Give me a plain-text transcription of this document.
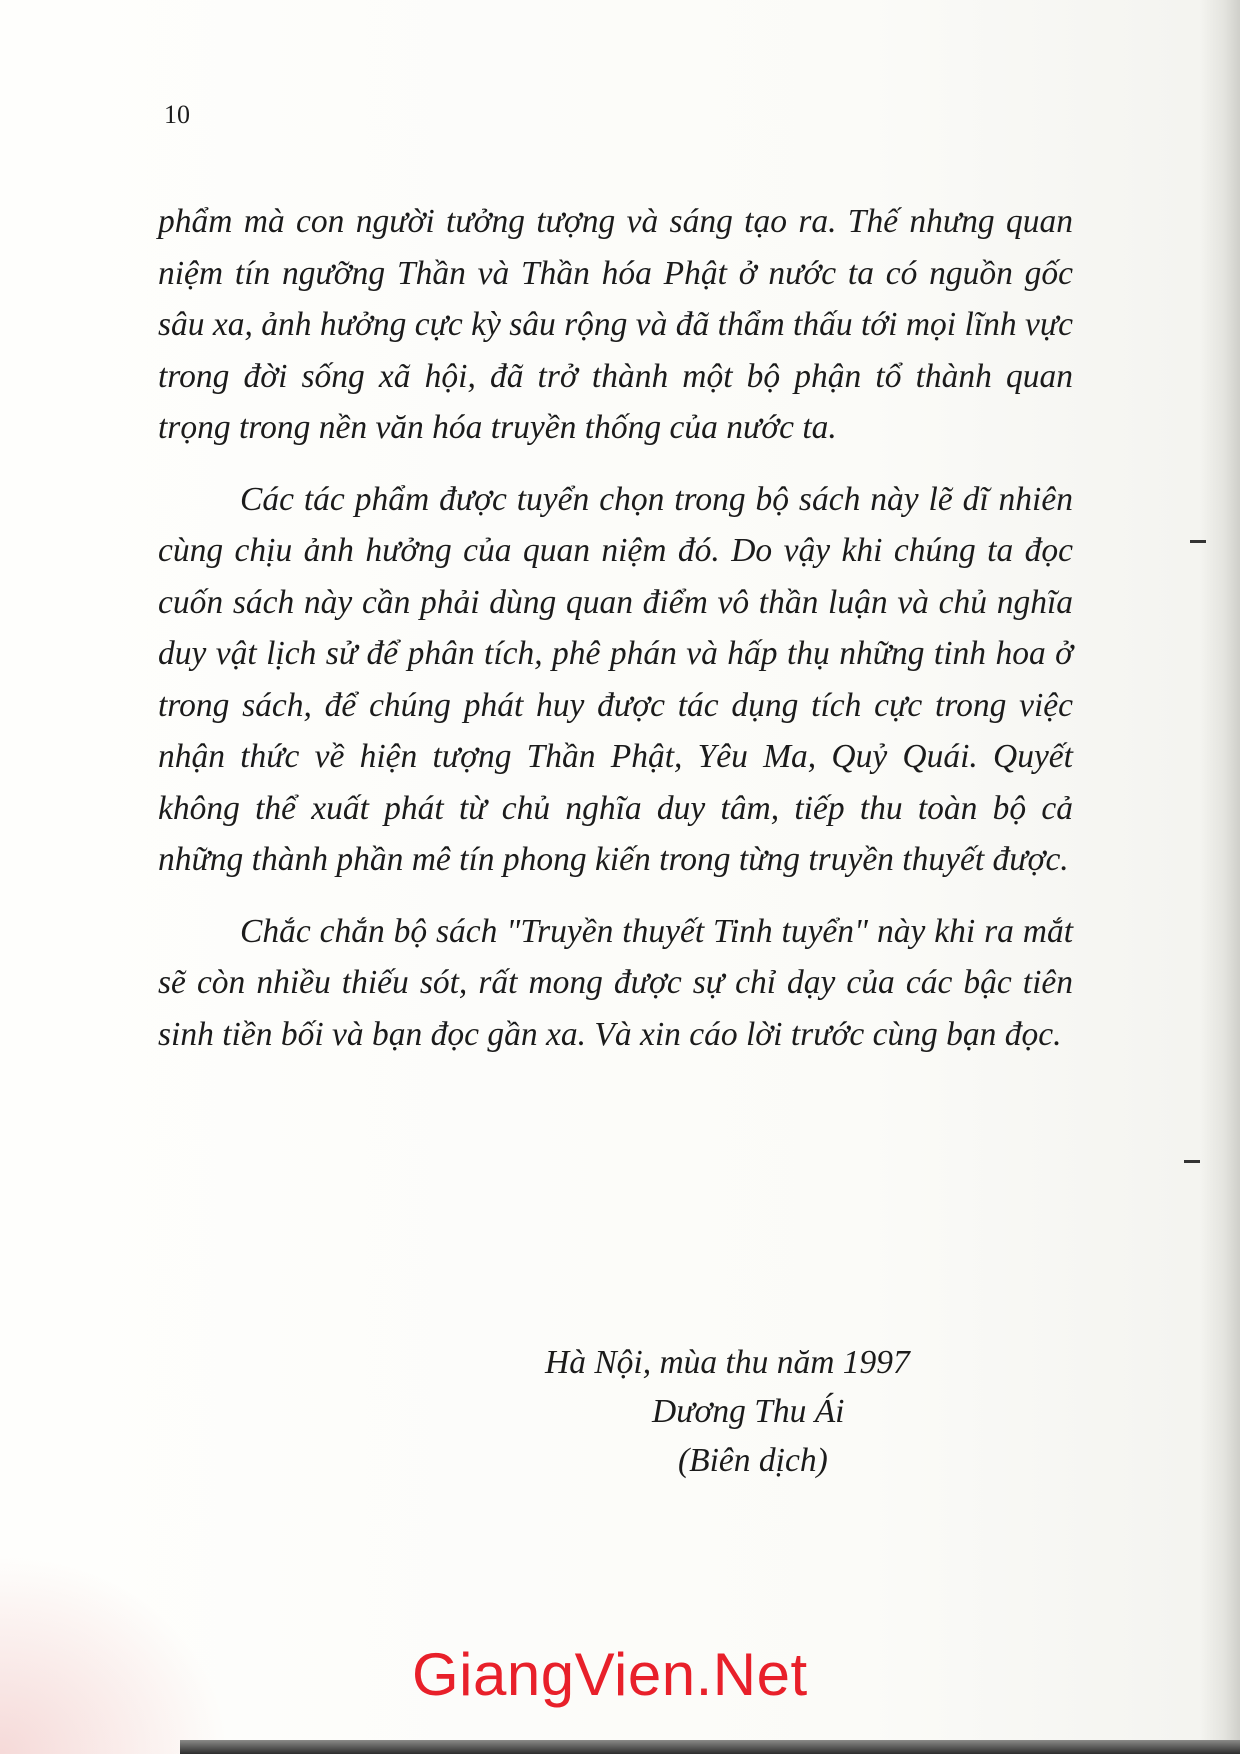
10

phẩm mà con người tưởng tượng và sáng tạo ra. Thế nhưng quan niệm tín ngưỡng Thần và Thần hóa Phật ở nước ta có nguồn gốc sâu xa, ảnh hưởng cực kỳ sâu rộng và đã thẩm thấu tới mọi lĩnh vực trong đời sống xã hội, đã trở thành một bộ phận tổ thành quan trọng trong nền văn hóa truyền thống của nước ta.

Các tác phẩm được tuyển chọn trong bộ sách này lẽ dĩ nhiên cùng chịu ảnh hưởng của quan niệm đó. Do vậy khi chúng ta đọc cuốn sách này cần phải dùng quan điểm vô thần luận và chủ nghĩa duy vật lịch sử để phân tích, phê phán và hấp thụ những tinh hoa ở trong sách, để chúng phát huy được tác dụng tích cực trong việc nhận thức về hiện tượng Thần Phật, Yêu Ma, Quỷ Quái. Quyết không thể xuất phát từ chủ nghĩa duy tâm, tiếp thu toàn bộ cả những thành phần mê tín phong kiến trong từng truyền thuyết được.

Chắc chắn bộ sách "Truyền thuyết Tinh tuyển" này khi ra mắt sẽ còn nhiều thiếu sót, rất mong được sự chỉ dạy của các bậc tiên sinh tiền bối và bạn đọc gần xa. Và xin cáo lời trước cùng bạn đọc.

Hà Nội, mùa thu năm 1997
Dương Thu Ái
(Biên dịch)
GiangVien.Net
